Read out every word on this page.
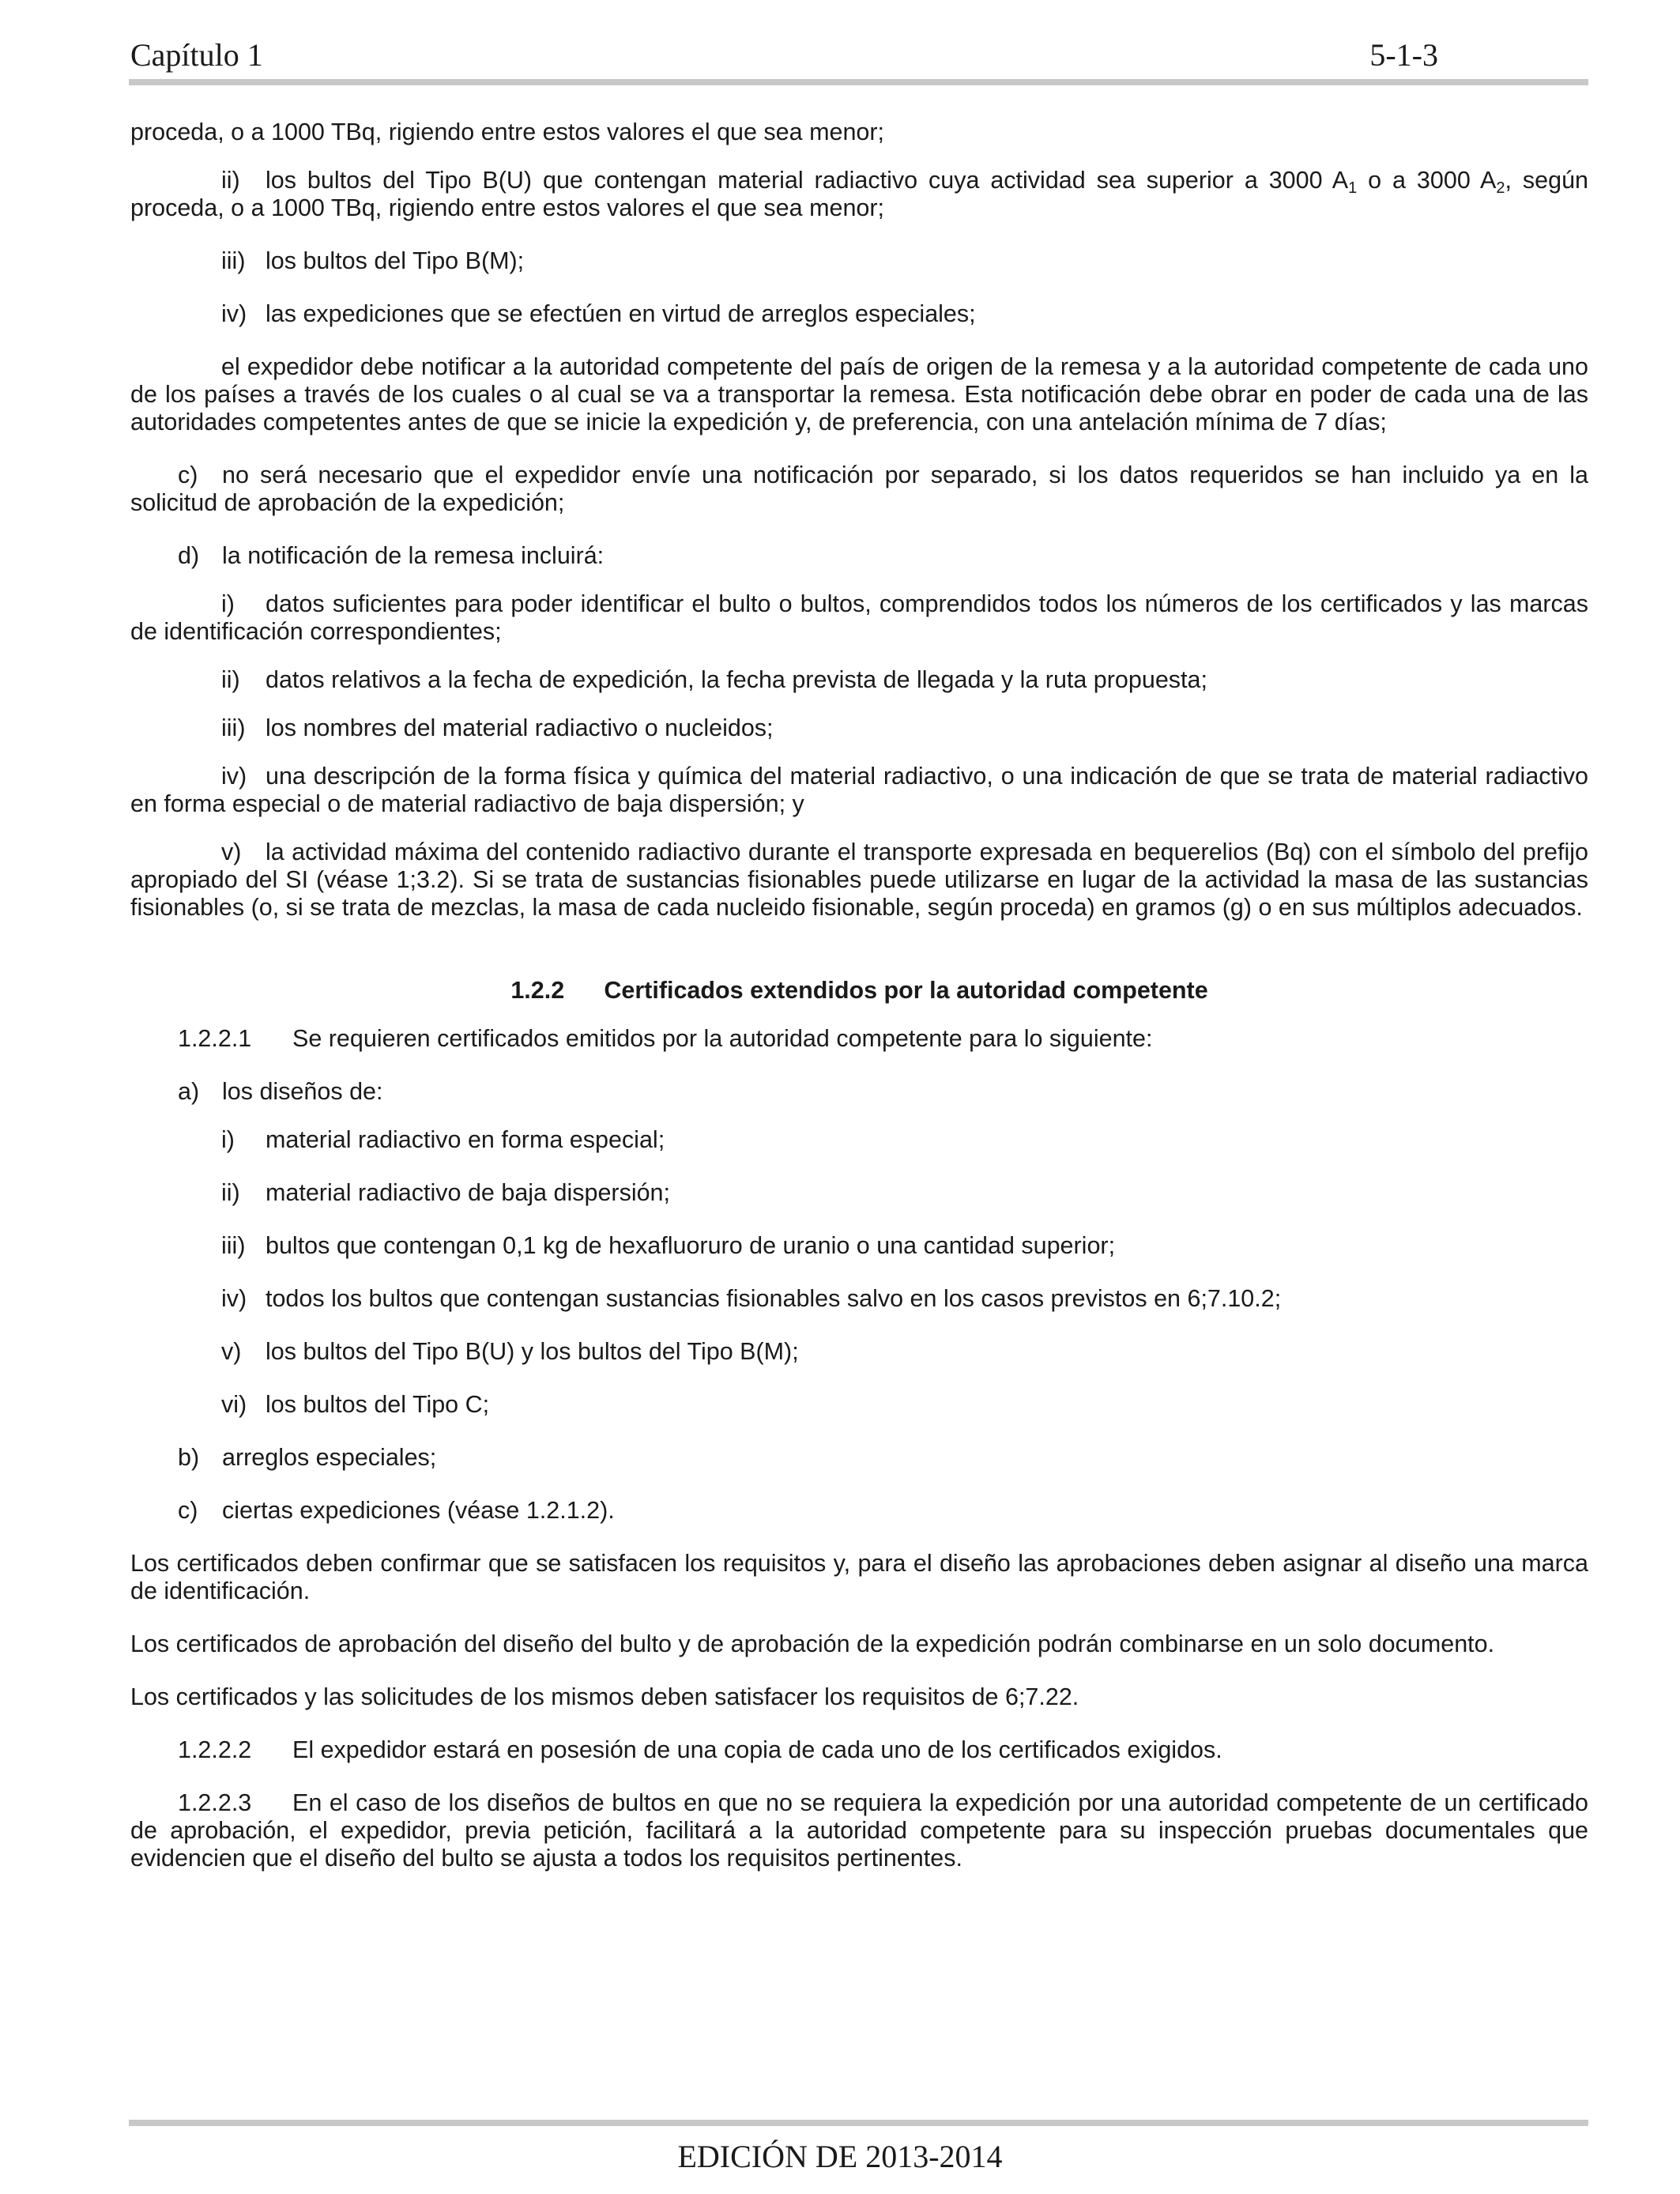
Capítulo 1	5-1-3

proceda, o a 1000 TBq, rigiendo entre estos valores el que sea menor;

ii) los bultos del Tipo B(U) que contengan material radiactivo cuya actividad sea superior a 3000 $A_1$ o a 3000 $A_2$, según proceda, o a 1000 TBq, rigiendo entre estos valores el que sea menor;

iii) los bultos del Tipo B(M);

iv) las expediciones que se efectúen en virtud de arreglos especiales;

el expedidor debe notificar a la autoridad competente del país de origen de la remesa y a la autoridad competente de cada uno de los países a través de los cuales o al cual se va a transportar la remesa. Esta notificación debe obrar en poder de cada una de las autoridades competentes antes de que se inicie la expedición y, de preferencia, con una antelación mínima de 7 días;

c) no será necesario que el expedidor envíe una notificación por separado, si los datos requeridos se han incluido ya en la solicitud de aprobación de la expedición;

d) la notificación de la remesa incluirá:

i) datos suficientes para poder identificar el bulto o bultos, comprendidos todos los números de los certificados y las marcas de identificación correspondientes;

ii) datos relativos a la fecha de expedición, la fecha prevista de llegada y la ruta propuesta;

iii) los nombres del material radiactivo o nucleidos;

iv) una descripción de la forma física y química del material radiactivo, o una indicación de que se trata de material radiactivo en forma especial o de material radiactivo de baja dispersión; y

v) la actividad máxima del contenido radiactivo durante el transporte expresada en bequerelios (Bq) con el símbolo del prefijo apropiado del SI (véase 1;3.2). Si se trata de sustancias fisionables puede utilizarse en lugar de la actividad la masa de las sustancias fisionables (o, si se trata de mezclas, la masa de cada nucleido fisionable, según proceda) en gramos (g) o en sus múltiplos adecuados.

1.2.2 Certificados extendidos por la autoridad competente

1.2.2.1 Se requieren certificados emitidos por la autoridad competente para lo siguiente:

a) los diseños de:

i) material radiactivo en forma especial;

ii) material radiactivo de baja dispersión;

iii) bultos que contengan 0,1 kg de hexafluoruro de uranio o una cantidad superior;

iv) todos los bultos que contengan sustancias fisionables salvo en los casos previstos en 6;7.10.2;

v) los bultos del Tipo B(U) y los bultos del Tipo B(M);

vi) los bultos del Tipo C;

b) arreglos especiales;

c) ciertas expediciones (véase 1.2.1.2).

Los certificados deben confirmar que se satisfacen los requisitos y, para el diseño las aprobaciones deben asignar al diseño una marca de identificación.

Los certificados de aprobación del diseño del bulto y de aprobación de la expedición podrán combinarse en un solo documento.

Los certificados y las solicitudes de los mismos deben satisfacer los requisitos de 6;7.22.

1.2.2.2 El expedidor estará en posesión de una copia de cada uno de los certificados exigidos.

1.2.2.3 En el caso de los diseños de bultos en que no se requiera la expedición por una autoridad competente de un certificado de aprobación, el expedidor, previa petición, facilitará a la autoridad competente para su inspección pruebas documentales que evidencien que el diseño del bulto se ajusta a todos los requisitos pertinentes.

EDICIÓN DE 2013-2014
